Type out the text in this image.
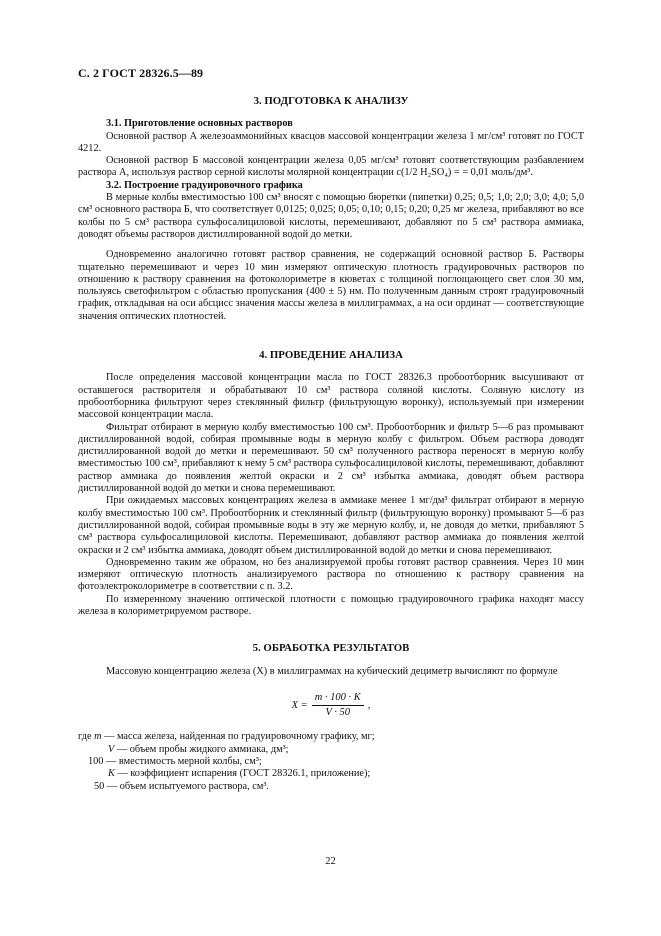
С. 2 ГОСТ 28326.5—89
3. ПОДГОТОВКА К АНАЛИЗУ

3.1. Приготовление основных растворов

Основной раствор А железоаммонийных квасцов массовой концентрации железа 1 мг/см³ готовят по ГОСТ 4212.

Основной раствор Б массовой концентрации железа 0,05 мг/см³ готовят соответствующим разбавлением раствора А, используя раствор серной кислоты молярной концентрации c(1/2 H₂SO₄) = = 0,01 моль/дм³.

3.2. Построение градуировочного графика

В мерные колбы вместимостью 100 см³ вносят с помощью бюретки (пипетки) 0,25; 0,5; 1,0; 2,0; 3,0; 4,0; 5,0 см³ основного раствора Б, что соответствует 0,0125; 0,025; 0,05; 0,10; 0,15; 0,20; 0,25 мг железа, прибавляют во все колбы по 5 см³ раствора сульфосалициловой кислоты, перемешивают, добавляют по 5 см³ раствора аммиака, доводят объемы растворов дистиллированной водой до метки.

Одновременно аналогично готовят раствор сравнения, не содержащий основной раствор Б. Растворы тщательно перемешивают и через 10 мин измеряют оптическую плотность градуировочных растворов по отношению к раствору сравнения на фотоколориметре в кюветах с толщиной поглощающего свет слоя 30 мм, пользуясь светофильтром с областью пропускания (400 ± 5) нм. По полученным данным строят градуировочный график, откладывая на оси абсцисс значения массы железа в миллиграммах, а на оси ординат — соответствующие значения оптических плотностей.

4. ПРОВЕДЕНИЕ АНАЛИЗА

После определения массовой концентрации масла по ГОСТ 28326.3 пробоотборник высушивают от оставшегося растворителя и обрабатывают 10 см³ раствора соляной кислоты. Соляную кислоту из пробоотборника фильтруют через стеклянный фильтр (фильтрующую воронку), используемый при измерении массовой концентрации масла.

Фильтрат отбирают в мерную колбу вместимостью 100 см³. Пробоотборник и фильтр 5—6 раз промывают дистиллированной водой, собирая промывные воды в мерную колбу с фильтром. Объем раствора доводят дистиллированной водой до метки и перемешивают. 50 см³ полученного раствора переносят в мерную колбу вместимостью 100 см³, прибавляют к нему 5 см³ раствора сульфосалициловой кислоты, перемешивают, добавляют раствор аммиака до появления желтой окраски и 2 см³ избытка аммиака, доводят объем раствора дистиллированной водой до метки и снова перемешивают.

При ожидаемых массовых концентрациях железа в аммиаке менее 1 мг/дм³ фильтрат отбирают в мерную колбу вместимостью 100 см³. Пробоотборник и стеклянный фильтр (фильтрующую воронку) промывают 5—6 раз дистиллированной водой, собирая промывные воды в эту же мерную колбу, и, не доводя до метки, прибавляют 5 см³ раствора сульфосалициловой кислоты. Перемешивают, добавляют раствор аммиака до появления желтой окраски и 2 см³ избытка аммиака, доводят объем дистиллированной водой до метки и снова перемешивают.

Одновременно таким же образом, но без анализируемой пробы готовят раствор сравнения. Через 10 мин измеряют оптическую плотность анализируемого раствора по отношению к раствору сравнения на фотоэлектроколориметре в соответствии с п. 3.2.

По измеренному значению оптической плотности с помощью градуировочного графика находят массу железа в колориметрируемом растворе.

5. ОБРАБОТКА РЕЗУЛЬТАТОВ

Массовую концентрацию железа (X) в миллиграммах на кубический дециметр вычисляют по формуле

$X = \frac{m \cdot 100 \cdot K}{V \cdot 50}$ ,
где m — масса железа, найденная по градуировочному графику, мг;
V — объем пробы жидкого аммиака, дм³;
100 — вместимость мерной колбы, см³;
K — коэффициент испарения (ГОСТ 28326.1, приложение);
50 — объем испытуемого раствора, см³.
22
